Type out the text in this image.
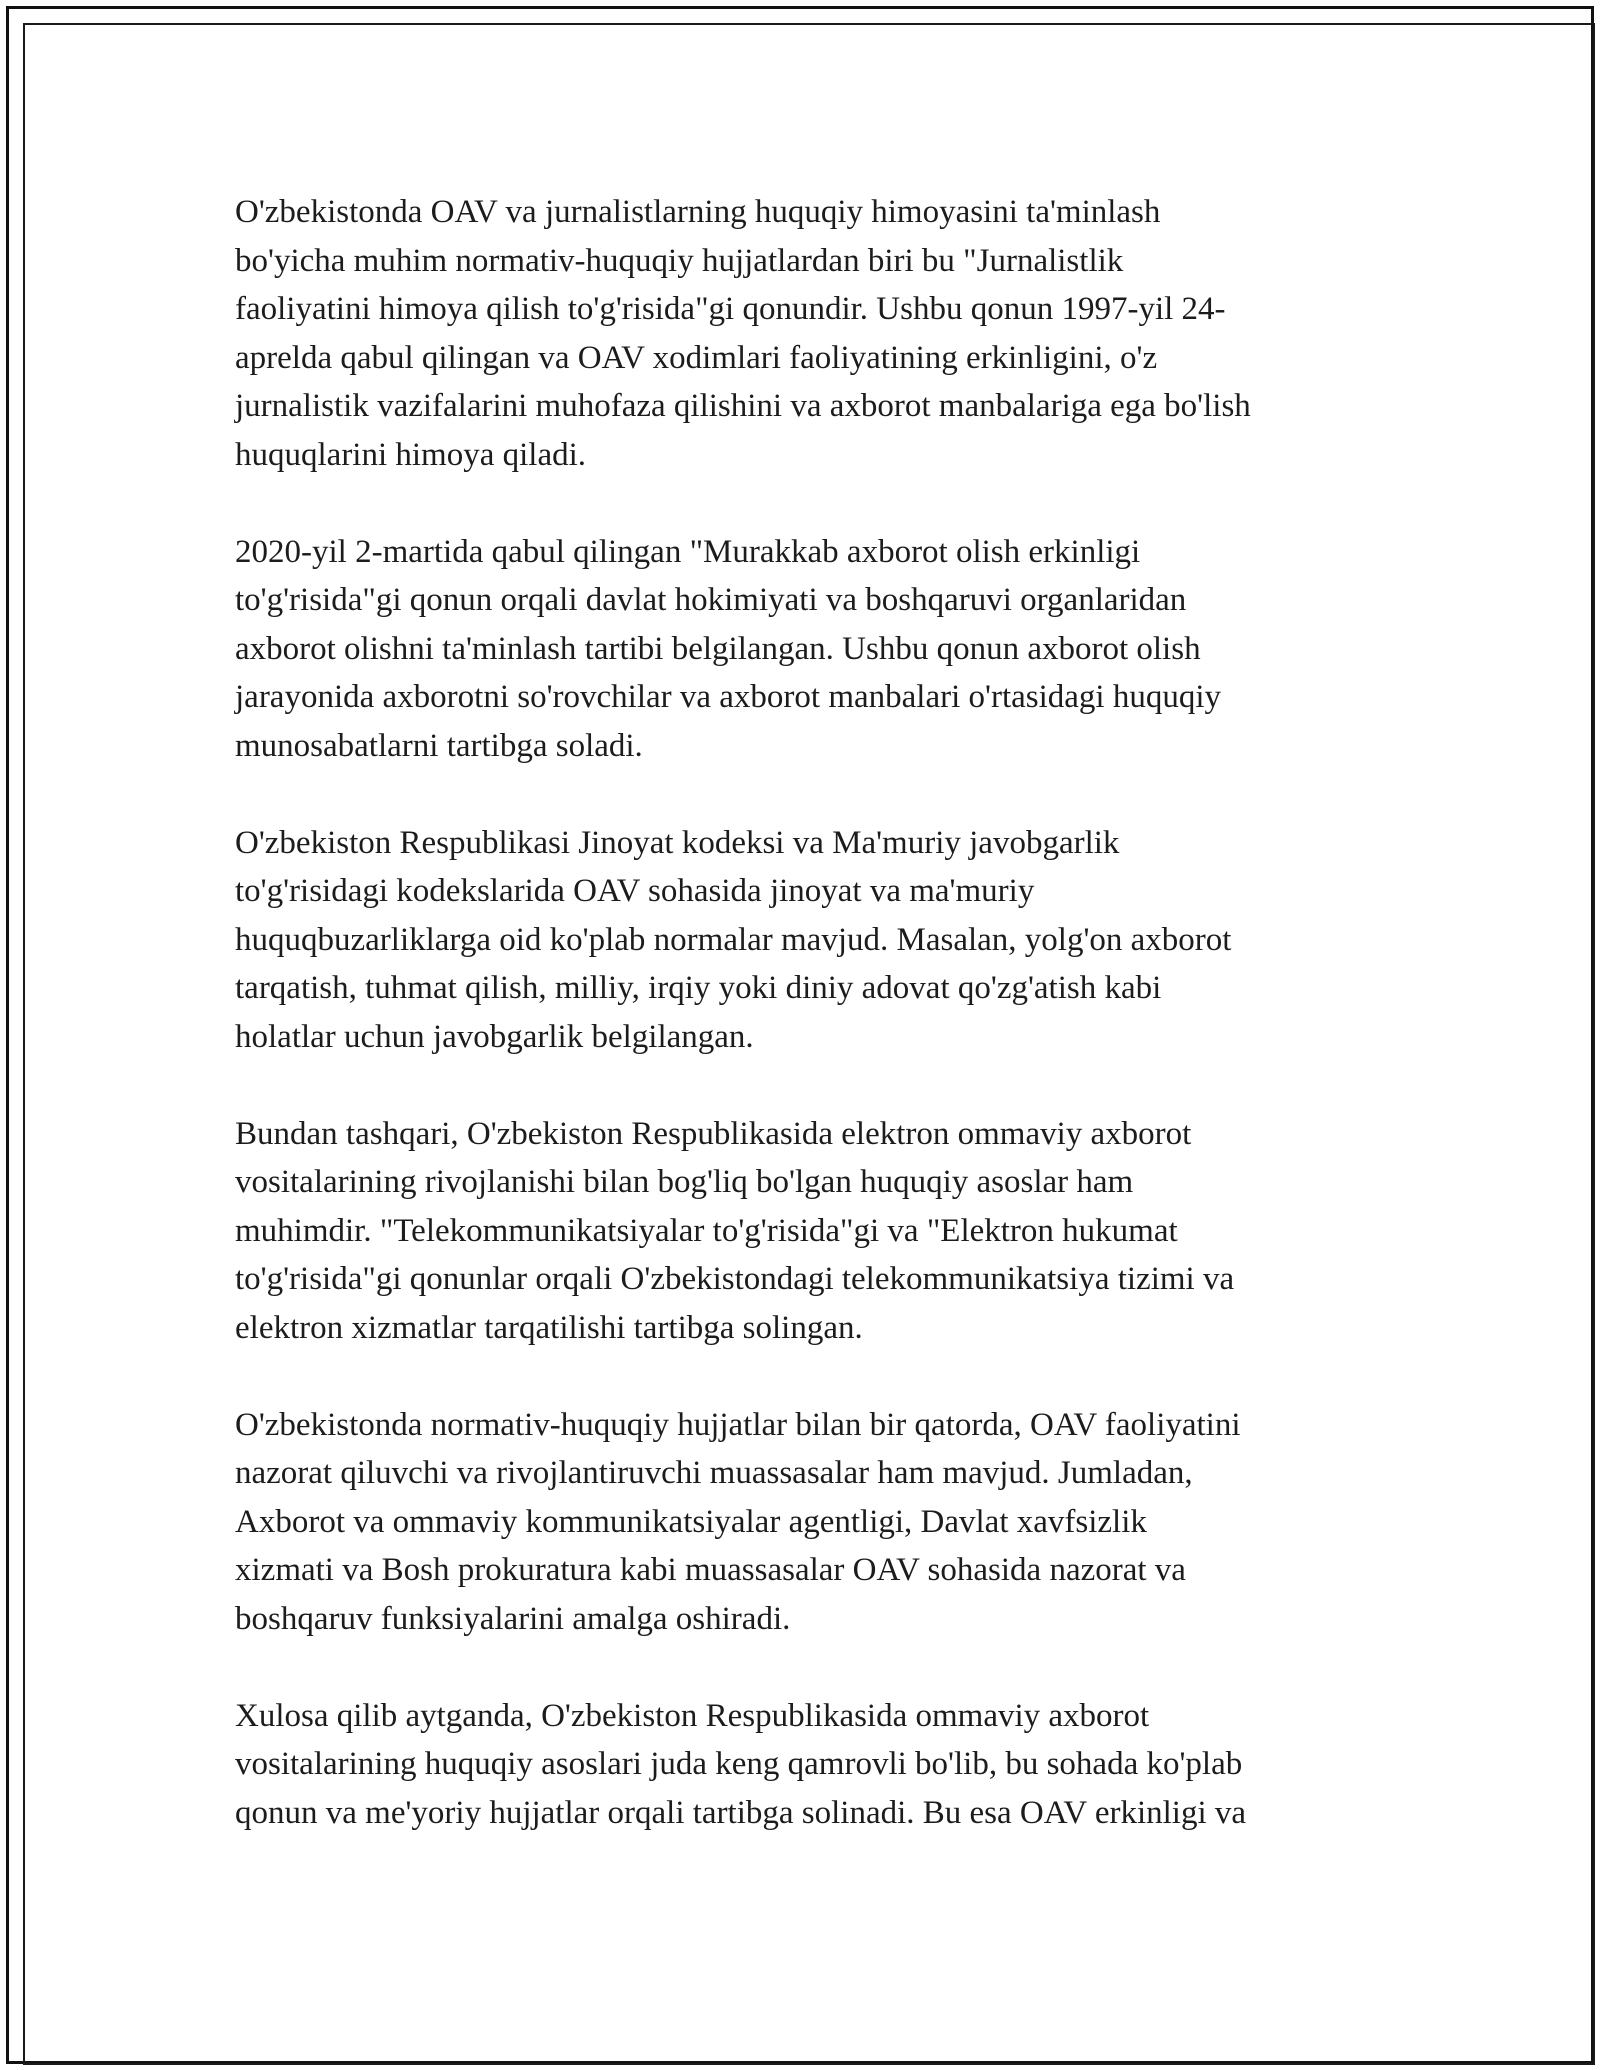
O'zbekistonda OAV va jurnalistlarning huquqiy himoyasini ta'minlash
bo'yicha muhim normativ-huquqiy hujjatlardan biri bu "Jurnalistlik
faoliyatini himoya qilish to'g'risida"gi qonundir. Ushbu qonun 1997-yil 24-
aprelda qabul qilingan va OAV xodimlari faoliyatining erkinligini, o'z
jurnalistik vazifalarini muhofaza qilishini va axborot manbalariga ega bo'lish
huquqlarini himoya qiladi.

2020-yil 2-martida qabul qilingan "Murakkab axborot olish erkinligi
to'g'risida"gi qonun orqali davlat hokimiyati va boshqaruvi organlaridan
axborot olishni ta'minlash tartibi belgilangan. Ushbu qonun axborot olish
jarayonida axborotni so'rovchilar va axborot manbalari o'rtasidagi huquqiy
munosabatlarni tartibga soladi.

O'zbekiston Respublikasi Jinoyat kodeksi va Ma'muriy javobgarlik
to'g'risidagi kodekslarida OAV sohasida jinoyat va ma'muriy
huquqbuzarliklarga oid ko'plab normalar mavjud. Masalan, yolg'on axborot
tarqatish, tuhmat qilish, milliy, irqiy yoki diniy adovat qo'zg'atish kabi
holatlar uchun javobgarlik belgilangan.

Bundan tashqari, O'zbekiston Respublikasida elektron ommaviy axborot
vositalarining rivojlanishi bilan bog'liq bo'lgan huquqiy asoslar ham
muhimdir. "Telekommunikatsiyalar to'g'risida"gi va "Elektron hukumat
to'g'risida"gi qonunlar orqali O'zbekistondagi telekommunikatsiya tizimi va
elektron xizmatlar tarqatilishi tartibga solingan.

O'zbekistonda normativ-huquqiy hujjatlar bilan bir qatorda, OAV faoliyatini
nazorat qiluvchi va rivojlantiruvchi muassasalar ham mavjud. Jumladan,
Axborot va ommaviy kommunikatsiyalar agentligi, Davlat xavfsizlik
xizmati va Bosh prokuratura kabi muassasalar OAV sohasida nazorat va
boshqaruv funksiyalarini amalga oshiradi.

Xulosa qilib aytganda, O'zbekiston Respublikasida ommaviy axborot
vositalarining huquqiy asoslari juda keng qamrovli bo'lib, bu sohada ko'plab
qonun va me'yoriy hujjatlar orqali tartibga solinadi. Bu esa OAV erkinligi va
